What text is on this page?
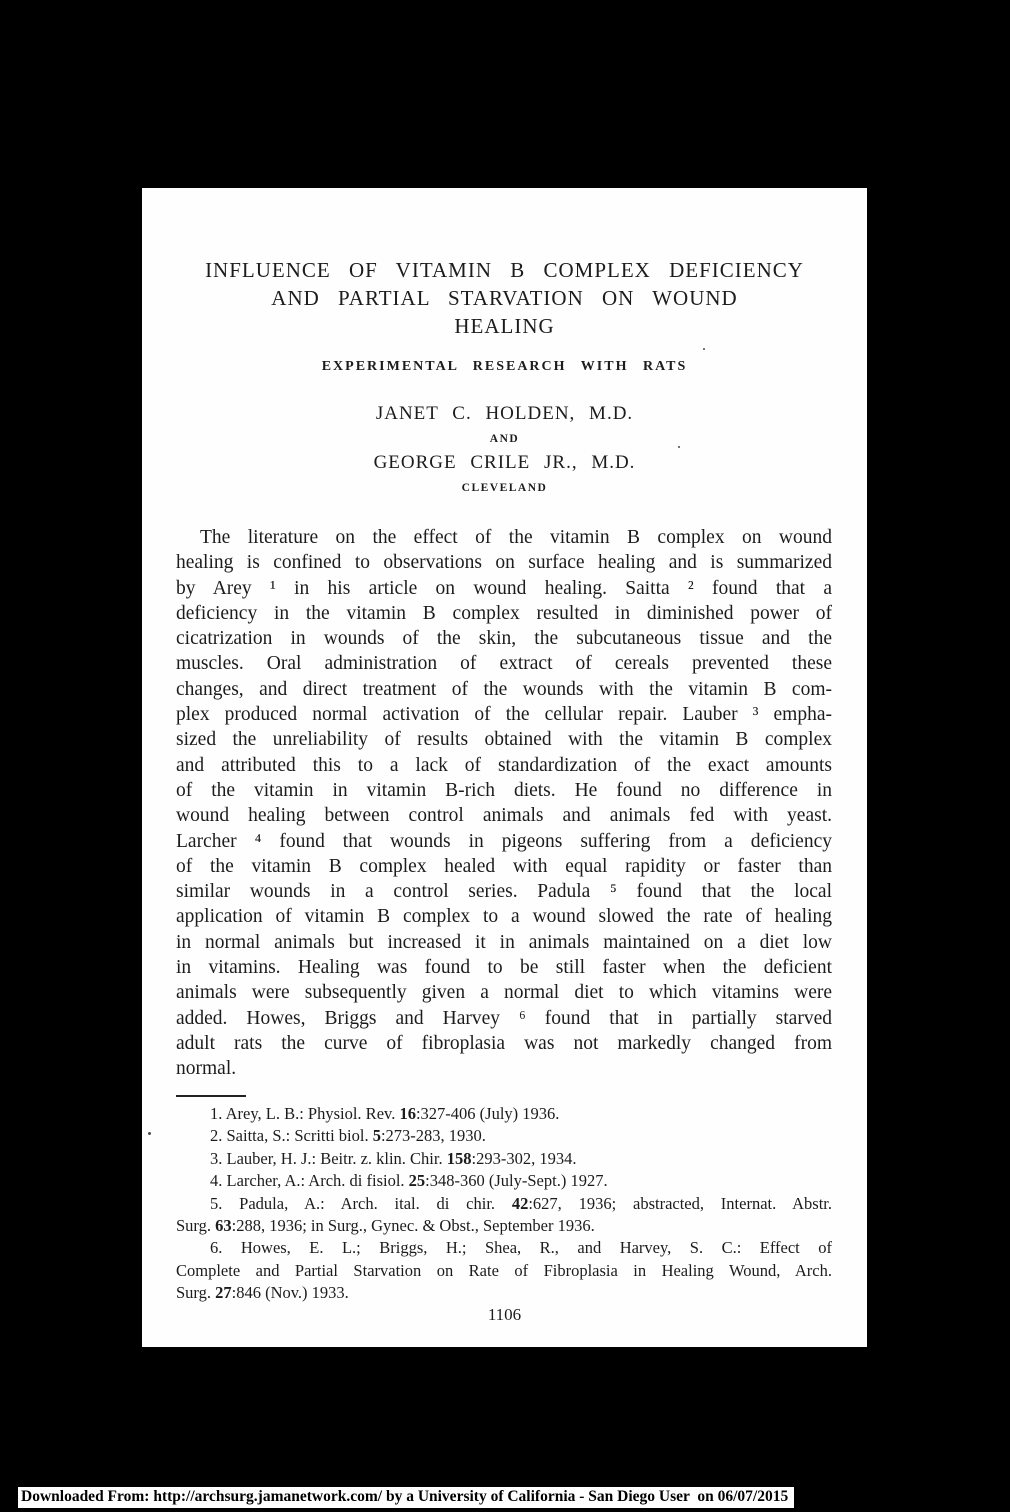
INFLUENCE OF VITAMIN B COMPLEX DEFICIENCY
AND PARTIAL STARVATION ON WOUND
HEALING
EXPERIMENTAL RESEARCH WITH RATS
JANET C. HOLDEN, M.D.
AND
GEORGE CRILE JR., M.D.
CLEVELAND
The literature on the effect of the vitamin B complex on wound
healing is confined to observations on surface healing and is summarized
by Arey ¹ in his article on wound healing. Saitta ² found that a
deficiency in the vitamin B complex resulted in diminished power of
cicatrization in wounds of the skin, the subcutaneous tissue and the
muscles. Oral administration of extract of cereals prevented these
changes, and direct treatment of the wounds with the vitamin B com-
plex produced normal activation of the cellular repair. Lauber ³ empha-
sized the unreliability of results obtained with the vitamin B complex
and attributed this to a lack of standardization of the exact amounts
of the vitamin in vitamin B-rich diets. He found no difference in
wound healing between control animals and animals fed with yeast.
Larcher ⁴ found that wounds in pigeons suffering from a deficiency
of the vitamin B complex healed with equal rapidity or faster than
similar wounds in a control series. Padula ⁵ found that the local
application of vitamin B complex to a wound slowed the rate of healing
in normal animals but increased it in animals maintained on a diet low
in vitamins. Healing was found to be still faster when the deficient
animals were subsequently given a normal diet to which vitamins were
added. Howes, Briggs and Harvey ⁶ found that in partially starved
adult rats the curve of fibroplasia was not markedly changed from
normal.
1. Arey, L. B.: Physiol. Rev. 16:327-406 (July) 1936.
2. Saitta, S.: Scritti biol. 5:273-283, 1930.
3. Lauber, H. J.: Beitr. z. klin. Chir. 158:293-302, 1934.
4. Larcher, A.: Arch. di fisiol. 25:348-360 (July-Sept.) 1927.
5. Padula, A.: Arch. ital. di chir. 42:627, 1936; abstracted, Internat. Abstr.
Surg. 63:288, 1936; in Surg., Gynec. & Obst., September 1936.
6. Howes, E. L.; Briggs, H.; Shea, R., and Harvey, S. C.: Effect of
Complete and Partial Starvation on Rate of Fibroplasia in Healing Wound, Arch.
Surg. 27:846 (Nov.) 1933.
1106
Downloaded From: http://archsurg.jamanetwork.com/ by a University of California - San Diego User  on 06/07/2015
